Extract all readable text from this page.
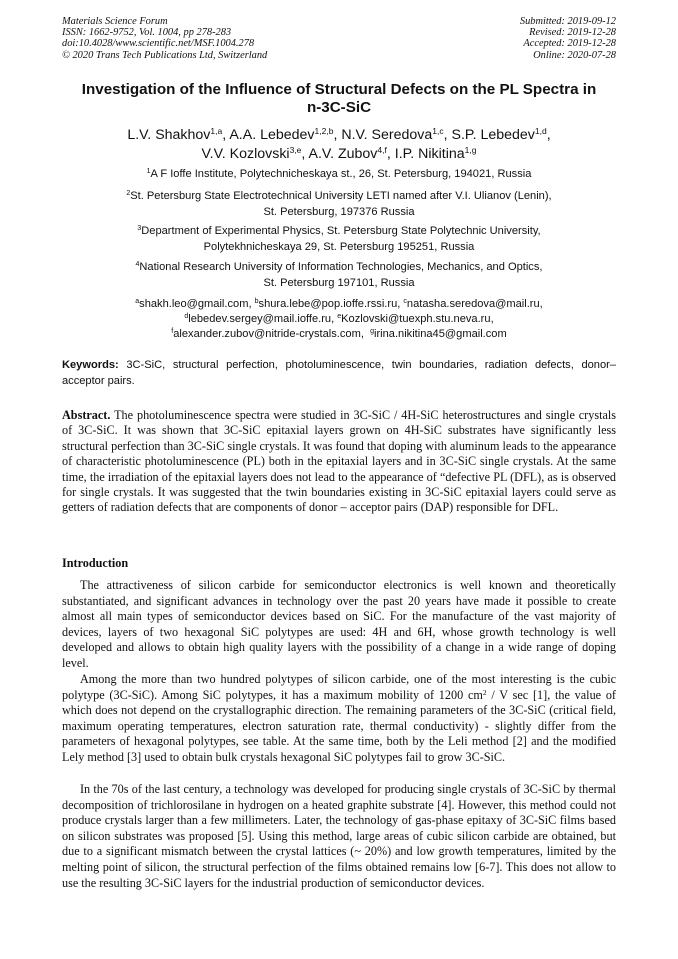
Materials Science Forum
ISSN: 1662-9752, Vol. 1004, pp 278-283
doi:10.4028/www.scientific.net/MSF.1004.278
© 2020 Trans Tech Publications Ltd, Switzerland
Submitted: 2019-09-12
Revised: 2019-12-28
Accepted: 2019-12-28
Online: 2020-07-28
Investigation of the Influence of Structural Defects on the PL Spectra in
n-3C-SiC
L.V. Shakhov$^{1,a}$, A.A. Lebedev$^{1,2,b}$, N.V. Seredova$^{1,c}$, S.P. Lebedev$^{1,d}$,
V.V. Kozlovski$^{3,e}$, A.V. Zubov$^{4,f}$, I.P. Nikitina$^{1,g}$
$^1$A F Ioffe Institute, Polytechnicheskaya st., 26, St. Petersburg, 194021, Russia
$^2$St. Petersburg State Electrotechnical University LETI named after V.I. Ulianov (Lenin),
St. Petersburg, 197376 Russia
$^3$Department of Experimental Physics, St. Petersburg State Polytechnic University,
Polytekhnicheskaya 29, St. Petersburg 195251, Russia
$^4$National Research University of Information Technologies, Mechanics, and Optics,
St. Petersburg 197101, Russia
$^a$shakh.leo@gmail.com, $^b$shura.lebe@pop.ioffe.rssi.ru, $^c$natasha.seredova@mail.ru,
$^d$lebedev.sergey@mail.ioffe.ru, $^e$Kozlovski@tuexph.stu.neva.ru,
$^f$alexander.zubov@nitride-crystals.com,  $^g$irina.nikitina45@gmail.com
Keywords: 3C-SiC, structural perfection, photoluminescence, twin boundaries, radiation defects, donor–acceptor pairs.
Abstract. The photoluminescence spectra were studied in 3C-SiC / 4H-SiC heterostructures and single crystals of 3C-SiC. It was shown that 3C-SiC epitaxial layers grown on 4H-SiC substrates have significantly less structural perfection than 3C-SiC single crystals. It was found that doping with aluminum leads to the appearance of characteristic photoluminescence (PL) both in the epitaxial layers and in 3C-SiC single crystals. At the same time, the irradiation of the epitaxial layers does not lead to the appearance of “defective PL (DFL), as is observed for single crystals. It was suggested that the twin boundaries existing in 3C-SiC epitaxial layers could serve as getters of radiation defects that are components of donor – acceptor pairs (DAP) responsible for DFL.
Introduction

The attractiveness of silicon carbide for semiconductor electronics is well known and theoretically substantiated, and significant advances in technology over the past 20 years have made it possible to create almost all main types of semiconductor devices based on SiC. For the manufacture of the vast majority of devices, layers of two hexagonal SiC polytypes are used: 4H and 6H, whose growth technology is well developed and allows to obtain high quality layers with the possibility of a change in a wide range of doping level.

Among the more than two hundred polytypes of silicon carbide, one of the most interesting is the cubic polytype (3C-SiC). Among SiC polytypes, it has a maximum mobility of 1200 $cm^2$ / V sec [1], the value of which does not depend on the crystallographic direction. The remaining parameters of the 3C-SiC (critical field, maximum operating temperatures, electron saturation rate, thermal conductivity) - slightly differ from the parameters of hexagonal polytypes, see table. At the same time, both by the Leli method [2] and the modified Lely method [3] used to obtain bulk crystals hexagonal SiC polytypes fail to grow 3C-SiC.

In the 70s of the last century, a technology was developed for producing single crystals of 3C-SiC by thermal decomposition of trichlorosilane in hydrogen on a heated graphite substrate [4]. However, this method could not produce crystals larger than a few millimeters. Later, the technology of gas-phase epitaxy of 3C-SiC films based on silicon substrates was proposed [5]. Using this method, large areas of cubic silicon carbide are obtained, but due to a significant mismatch between the crystal lattices (~ 20%) and low growth temperatures, limited by the melting point of silicon, the structural perfection of the films obtained remains low [6-7]. This does not allow to use the resulting 3C-SiC layers for the industrial production of semiconductor devices.
